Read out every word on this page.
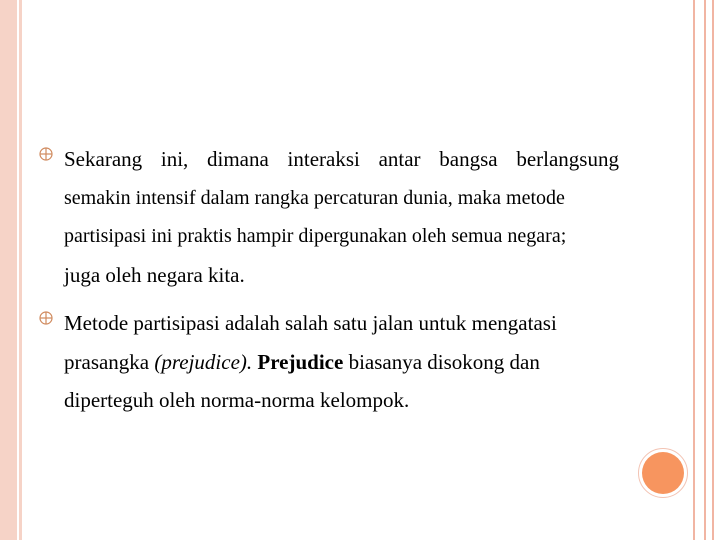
Sekarang ini, dimana interaksi antar bangsa berlangsung
semakin intensif dalam rangka percaturan dunia, maka metode
partisipasi ini praktis hampir dipergunakan oleh semua negara;
juga oleh negara kita.
Metode partisipasi adalah salah satu jalan untuk mengatasi
prasangka (prejudice). Prejudice biasanya disokong dan
diperteguh oleh norma-norma kelompok.
